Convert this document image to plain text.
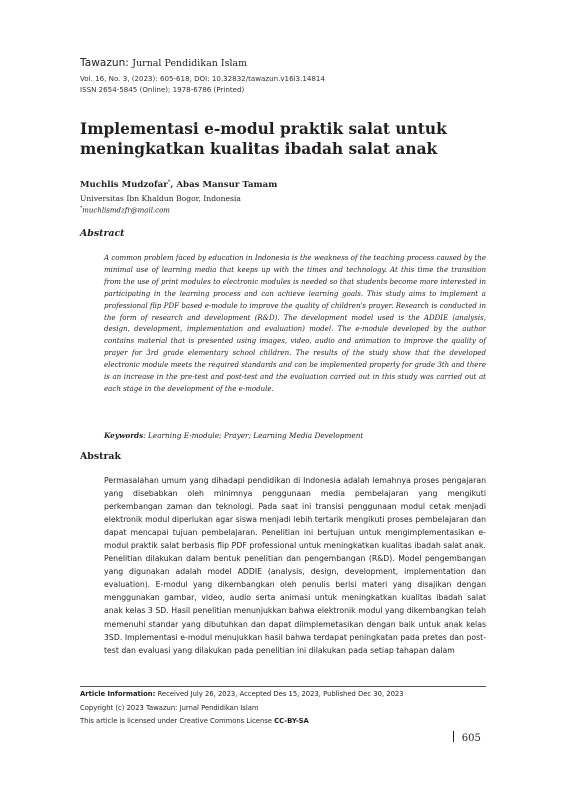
Tawazun: Jurnal Pendidikan Islam
Vol. 16, No. 3, (2023): 605-618, DOI: 10.32832/tawazun.v16i3.14814
ISSN 2654-5845 (Online); 1978-6786 (Printed)
Implementasi e-modul praktik salat untuk
meningkatkan kualitas ibadah salat anak
Muchlis Mudzofar*, Abas Mansur Tamam
Universitas Ibn Khaldun Bogor, Indonesia
*muchlismdzfr@mail.com
Abstract

A common problem faced by education in Indonesia is the weakness of the teaching process caused by the minimal use of learning media that keeps up with the times and technology. At this time the transition from the use of print modules to electronic modules is needed so that students become more interested in participating in the learning process and can achieve learning goals. This study aims to implement a professional flip PDF based e-module to improve the quality of children's prayer. Research is conducted in the form of research and development (R&D). The development model used is the ADDIE (analysis, design, development, implementation and evaluation) model. The e-module developed by the author contains material that is presented using images, video, audio and animation to improve the quality of prayer for 3rd grade elementary school children. The results of the study show that the developed electronic module meets the required standards and can be implemented properly for grade 3th and there is an increase in the pre-test and post-test and the evaluation carried out in this study was carried out at each stage in the development of the e-module.

Keywords: Learning E-module; Prayer; Learning Media Development
Abstrak

Permasalahan umum yang dihadapi pendidikan di Indonesia adalah lemahnya proses pengajaran yang disebabkan oleh minimnya penggunaan media pembelajaran yang mengikuti perkembangan zaman dan teknologi. Pada saat ini transisi penggunaan modul cetak menjadi elektronik modul diperlukan agar siswa menjadi lebih tertarik mengikuti proses pembelajaran dan dapat mencapai tujuan pembelajaran. Penelitian ini bertujuan untuk mengimplementasikan e-modul praktik salat berbasis flip PDF professional untuk meningkatkan kualitas ibadah salat anak. Penelitian dilakukan dalam bentuk penelitian dan pengembangan (R&D). Model pengembangan yang digunakan adalah model ADDIE (analysis, design, development, implementation dan evaluation). E-modul yang dikembangkan oleh penulis berisi materi yang disajikan dengan menggunakan gambar, video, audio serta animasi untuk meningkatkan kualitas ibadah salat anak kelas 3 SD. Hasil penelitian menunjukkan bahwa elektronik modul yang dikembangkan telah memenuhi standar yang dibutuhkan dan dapat diimplemetasikan dengan baik untuk anak kelas 3SD. Implementasi e-modul menujukkan hasil bahwa terdapat peningkatan pada pretes dan post-test dan evaluasi yang dilakukan pada penelitian ini dilakukan pada setiap tahapan dalam

Article Information: Received July 26, 2023, Accepted Des 15, 2023, Published Dec 30, 2023
Copyright (c) 2023 Tawazun: Jurnal Pendidikan Islam
This article is licensed under Creative Commons License CC-BY-SA
605
